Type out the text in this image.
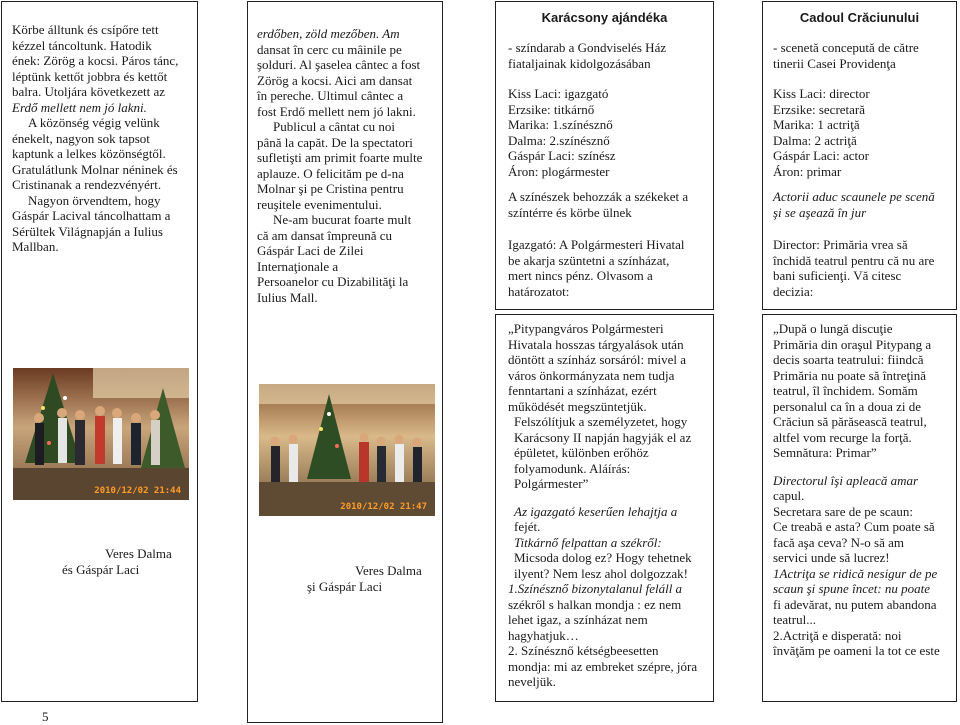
Körbe álltunk és csípőre tett

kézzel táncoltunk. Hatodik

ének: Zörög a kocsi. Páros tánc,

léptünk kettőt jobbra és kettőt

balra. Utoljára következett az

Erdő mellett nem jó lakni.

A közönség végig velünk

énekelt, nagyon sok tapsot

kaptunk a lelkes közönségtől.

Gratulátlunk Molnar néninek és

Cristinanak a rendezvényért.

Nagyon örvendtem, hogy

Gáspár Lacival táncolhattam a

Sérültek Világnapján a Iulius

Mallban.

2010/12/02 21:44

Veres Dalma

és Gáspár Laci

erdőben, zöld mezőben. Am

dansat în cerc cu mâinile pe

şolduri. Al şaselea cântec a fost

Zörög a kocsi. Aici am dansat

în pereche. Ultimul cântec a

fost Erdő mellett nem jó lakni.

Publicul a cântat cu noi

până la capăt. De la spectatori

sufletişti am primit foarte multe

aplauze. O felicităm pe d-na

Molnar şi pe Cristina pentru

reuşitele evenimentului.

Ne-am bucurat foarte mult

că am dansat împreună cu

Gáspár Laci de Zilei

Internaţionale a

Persoanelor cu Dizabilităţi la

Iulius Mall.

2010/12/02 21:47

Veres Dalma

şi Gáspár Laci

Karácsony ajándéka

- színdarab a Gondviselés Ház

fiataljainak kidolgozásában

Kiss Laci: igazgató

Erzsike: titkárnő

Marika: 1.színésznő

Dalma: 2.színésznő

Gáspár Laci: színész

Áron: plogármester

A színészek behozzák a székeket a

színtérre és körbe ülnek

Igazgató: A Polgármesteri Hivatal

be akarja szüntetni a színházat,

mert nincs pénz. Olvasom a

határozatot:

„Pitypangváros Polgármesteri

Hivatala hosszas tárgyalások után

döntött a színház sorsáról: mivel a

város önkormányzata nem tudja

fenntartani a színházat, ezért

működését megszüntetjük.

Felszólítjuk a személyzetet, hogy

Karácsony II napján hagyják el az

épületet, különben erőhöz

folyamodunk. Aláírás:

Polgármester”

Az igazgató keserűen lehajtja a

fejét.

Titkárnő felpattan a székről:

Micsoda dolog ez? Hogy tehetnek

ilyent? Nem lesz ahol dolgozzak!

1.Színésznő bizonytalanul feláll a

székről s halkan mondja : ez nem

lehet igaz, a színházat nem

hagyhatjuk…

2. Színésznő kétségbeesetten

mondja: mi az embreket szépre, jóra

neveljük.

Cadoul Crăciunului

- scenetă concepută de către

tinerii Casei Providenţa

Kiss Laci: director

Erzsike: secretară

Marika: 1 actriţă

Dalma: 2 actriţă

Gáspár Laci: actor

Áron: primar

Actorii aduc scaunele pe scenă

şi se aşează în jur

Director: Primăria vrea să

închidă teatrul pentru că nu are

bani suficienţi. Vă citesc

decizia:

„După o lungă discuţie

Primăria din oraşul Pitypang a

decis soarta teatrului: fiindcă

Primăria nu poate să întreţină

teatrul, îl închidem. Somăm

personalul ca în a doua zi de

Crăciun să părăsească teatrul,

altfel vom recurge la forţă.

Semnătura: Primar”

Directorul îşi apleacă amar

capul.

Secretara sare de pe scaun:

Ce treabă e asta? Cum poate să

facă aşa ceva? N-o să am

servici unde să lucrez!

1Actriţa se ridică nesigur de pe

scaun şi spune încet: nu poate

fi adevărat, nu putem abandona

teatrul...

2.Actriţă e disperată: noi

învăţăm pe oameni la tot ce este

5
